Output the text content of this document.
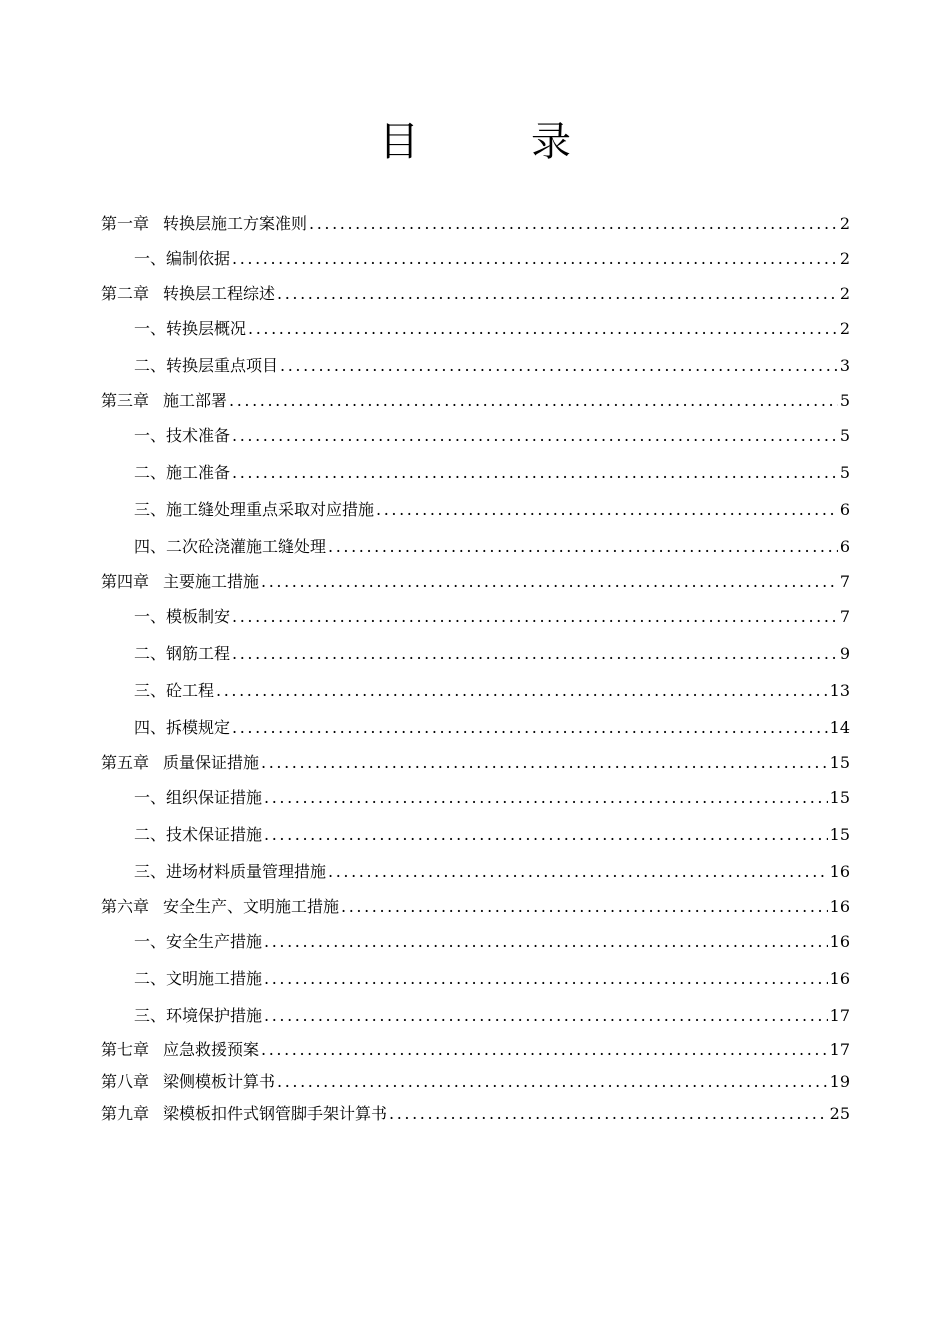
目　录
第一章 转换层施工方案准则 .....	2
一、编制依据 .....	2
第二章 转换层工程综述 .....	2
一、转换层概况 .....	2
二、转换层重点项目 .....	3
第三章 施工部署 .....	5
一、技术准备 .....	5
二、施工准备 .....	5
三、施工缝处理重点采取对应措施 .....	6
四、二次砼浇灌施工缝处理 .....	6
第四章 主要施工措施 .....	7
一、模板制安 .....	7
二、钢筋工程 .....	9
三、砼工程 .....	13
四、拆模规定 .....	14
第五章 质量保证措施 .....	15
一、组织保证措施 .....	15
二、技术保证措施 .....	15
三、进场材料质量管理措施 .....	16
第六章 安全生产、文明施工措施 .....	16
一、安全生产措施 .....	16
二、文明施工措施 .....	16
三、环境保护措施 .....	17
第七章 应急救援预案 .....	17
第八章 梁侧模板计算书 .....	19
第九章 梁模板扣件式钢管脚手架计算书 .....	25
